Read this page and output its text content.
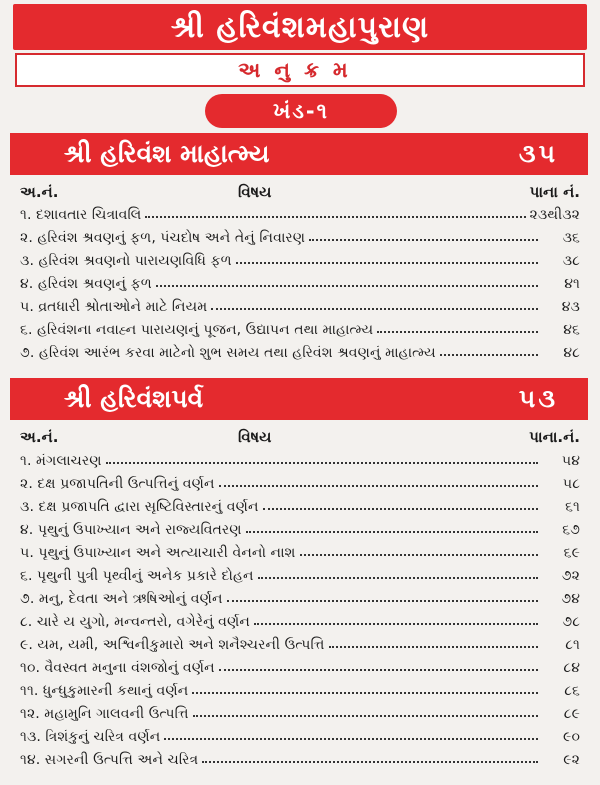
શ્રી હરિવંશમહાપુરાણ
અનુક્રમ
ખંડ-૧
શ્રી હરિવંશ માહાત્મ્ય	૩૫
અ.નં.	વિષય	પાના નં.
૧. દશાવતાર ચિત્રાવલિ	૨૩થી૩૨
૨. હરિવંશ શ્રવણનું ફળ, પંચદોષ અને તેનું નિવારણ	૩૬
૩. હરિવંશ શ્રવણનો પારાયણવિધિ ફળ	૩૮
૪. હરિવંશ શ્રવણનું ફળ	૪૧
૫. વ્રતધારી શ્રોતાઓને માટે નિયમ	૪૩
૬. હરિવંશના નવાહ્ન પારાયણનું પૂજન, ઉદ્યાપન તથા માહાત્મ્ય	૪૬
૭. હરિવંશ આરંભ કરવા માટેનો શુભ સમય તથા હરિવંશ શ્રવણનું માહાત્મ્ય	૪૮
શ્રી હરિવંશપર્વ	૫૩
અ.નં.	વિષય	પાના.નં.
૧. મંગલાચરણ	૫૪
૨. દક્ષ પ્રજાપતિની ઉત્પત્તિનું વર્ણન	૫૮
૩. દક્ષ પ્રજાપતિ દ્વારા સૃષ્ટિવિસ્તારનું વર્ણન	૬૧
૪. પૃથુનું ઉપાખ્યાન અને રાજ્યવિતરણ	૬૭
૫. પૃથુનું ઉપાખ્યાન અને અત્યાચારી વેનનો નાશ	૬૯
૬. પૃથુની પુત્રી પૃથ્વીનું અનેક પ્રકારે દોહન	૭૨
૭. મનુ, દેવતા અને ઋષિઓનું વર્ણન	૭૪
૮. ચારે ય યુગો, મન્વન્તરો, વગેરેનું વર્ણન	૭૮
૯. યમ, યમી, અશ્વિનીકુમારો અને શનૈશ્ચરની ઉત્પત્તિ	૮૧
૧૦. વૈવસ્વત મનુના વંશજોનું વર્ણન	૮૪
૧૧. ધુન્ધુકુમારની કથાનું વર્ણન	૮૬
૧૨. મહામુનિ ગાલવની ઉત્પત્તિ	૮૯
૧૩. ત્રિશંકુનું ચરિત્ર વર્ણન	૯૦
૧૪. સગરની ઉત્પત્તિ અને ચરિત્ર	૯૨
